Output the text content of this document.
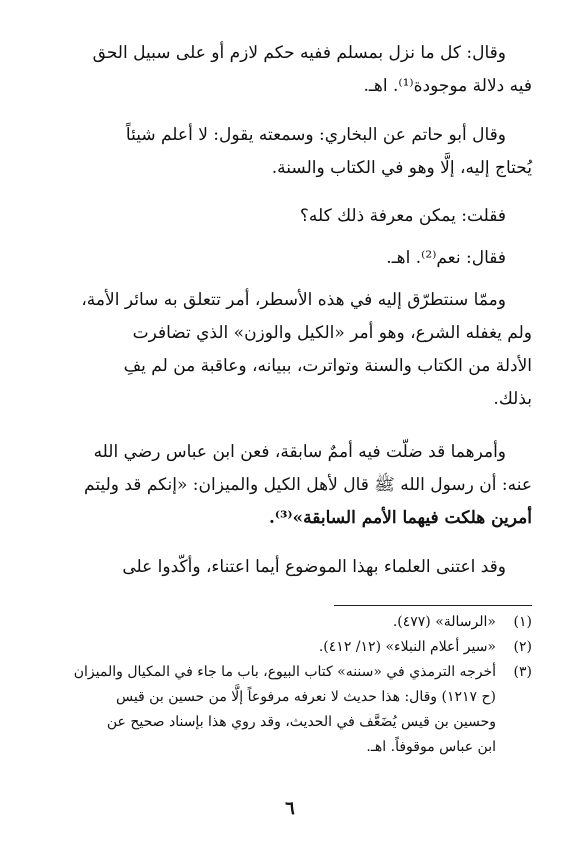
وقال: كل ما نزل بمسلم ففيه حكم لازم أو على سبيل الحق
فيه دلالة موجودة⁽¹⁾. اهـ.
وقال أبو حاتم عن البخاري: وسمعته يقول: لا أعلم شيئاً
يُحتاج إليه، إلَّا وهو في الكتاب والسنة.
فقلت: يمكن معرفة ذلك كله؟
فقال: نعم⁽²⁾. اهـ.
وممّا سنتطرّق إليه في هذه الأسطر، أمر تتعلق به سائر الأمة،
ولم يغفله الشرع، وهو أمر «الكيل والوزن» الذي تضافرت
الأدلة من الكتاب والسنة وتواترت، ببيانه، وعاقبة من لم يفِ
بذلك.
وأمرهما قد ضلّت فيه أممٌ سابقة، فعن ابن عباس رضي الله
عنه: أن رسول الله ﷺ قال لأهل الكيل والميزان: «إنكم قد وليتم
أمرين هلكت فيهما الأمم السابقة»⁽³⁾.
وقد اعتنى العلماء بهذا الموضوع أيما اعتناء، وأكّدوا على
(١)
«الرسالة» (٤٧٧).
(٢)
«سير أعلام النبلاء» (١٢/ ٤١٢).
(٣)
أخرجه الترمذي في «سننه» كتاب البيوع، باب ما جاء في المكيال والميزان
(ح ١٢١٧) وقال: هذا حديث لا نعرفه مرفوعاً إلَّا من حسين بن قيس
وحسين بن قيس يُضَعَّف في الحديث، وقد روي هذا بإسناد صحيح عن
ابن عباس موقوفاً. اهـ.
٦
